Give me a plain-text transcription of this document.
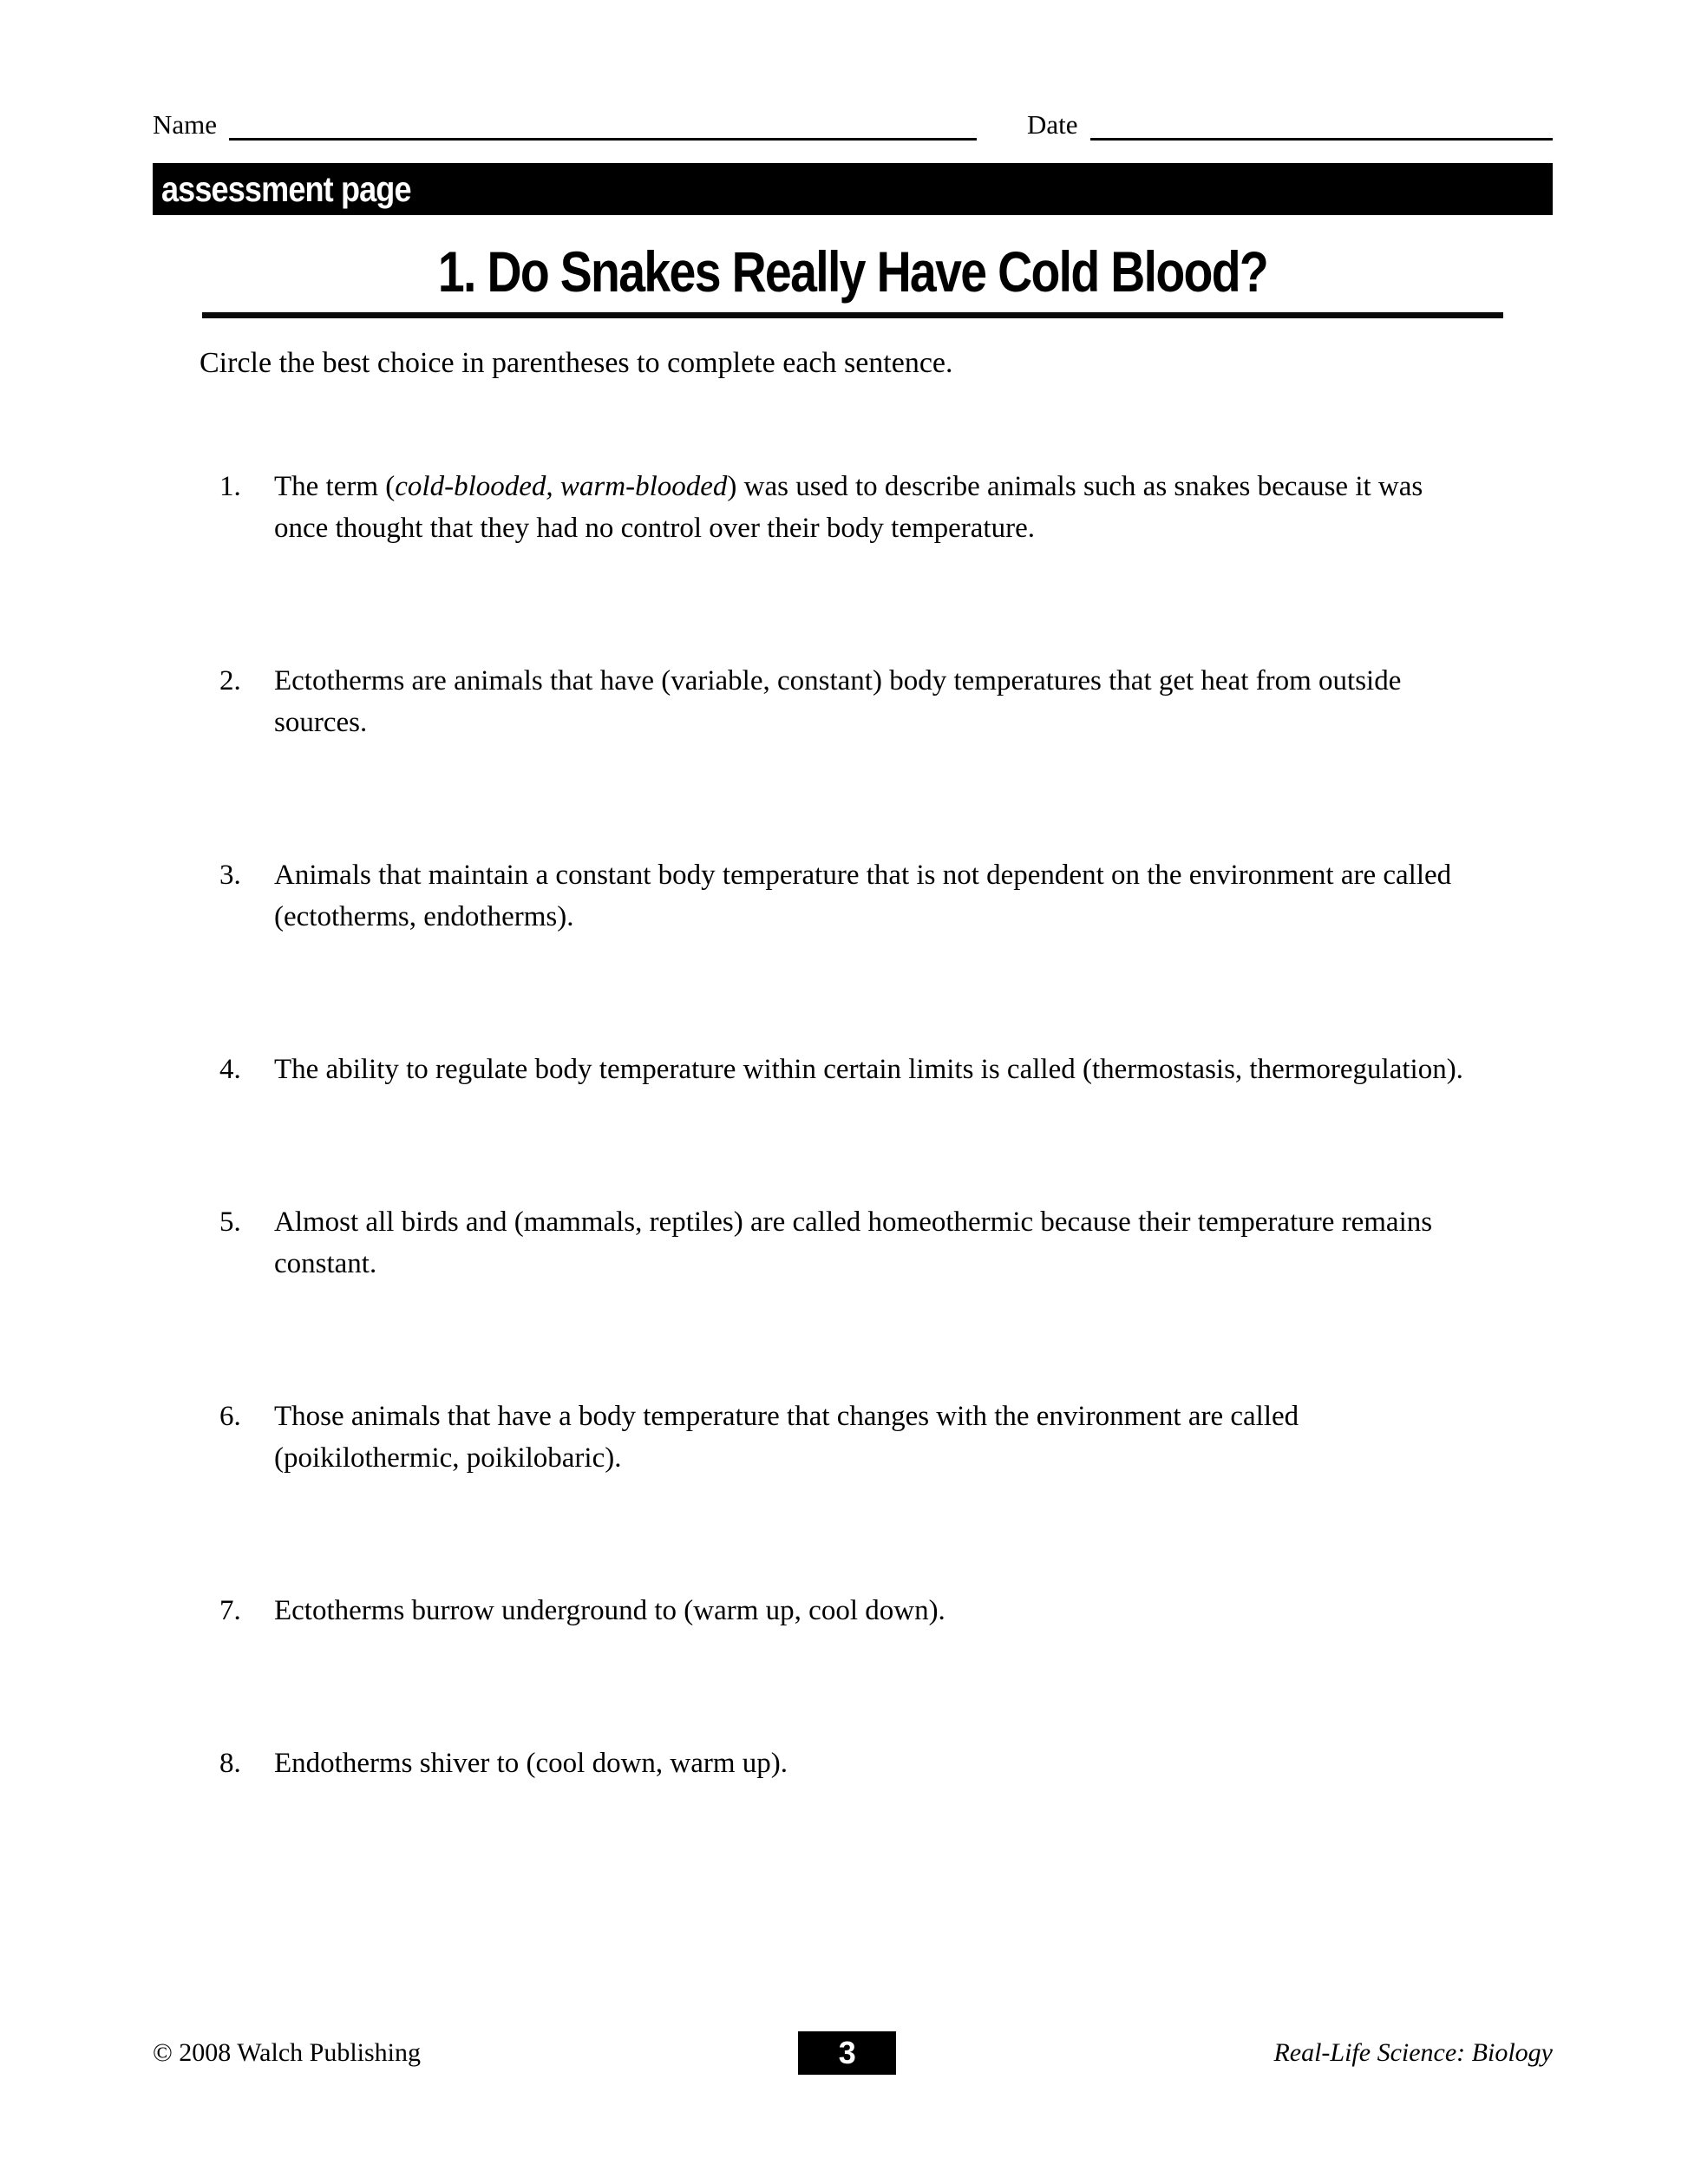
Name	Date
assessment page
1. Do Snakes Really Have Cold Blood?

Circle the best choice in parentheses to complete each sentence.

1.	The term (cold-blooded, warm-blooded) was used to describe animals such as snakes because it was once thought that they had no control over their body temperature.
2.	Ectotherms are animals that have (variable, constant) body temperatures that get heat from outside sources.
3.	Animals that maintain a constant body temperature that is not dependent on the environment are called (ectotherms, endotherms).
4.	The ability to regulate body temperature within certain limits is called (thermostasis, thermoregulation).
5.	Almost all birds and (mammals, reptiles) are called homeothermic because their temperature remains constant.
6.	Those animals that have a body temperature that changes with the environment are called (poikilothermic, poikilobaric).
7.	Ectotherms burrow underground to (warm up, cool down).
8.	Endotherms shiver to (cool down, warm up).
© 2008 Walch Publishing	3	Real-Life Science: Biology
